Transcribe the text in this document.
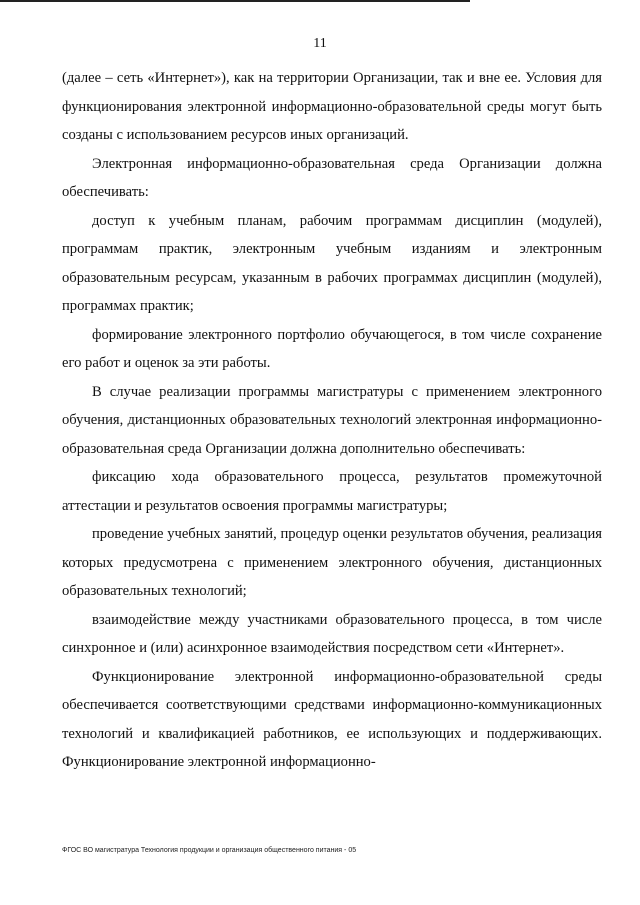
11

(далее – сеть «Интернет»), как на территории Организации, так и вне ее. Условия для функционирования электронной информационно-образовательной среды могут быть созданы с использованием ресурсов иных организаций.

Электронная информационно-образовательная среда Организации должна обеспечивать:

доступ к учебным планам, рабочим программам дисциплин (модулей), программам практик, электронным учебным изданиям и электронным образовательным ресурсам, указанным в рабочих программах дисциплин (модулей), программах практик;

формирование электронного портфолио обучающегося, в том числе сохранение его работ и оценок за эти работы.

В случае реализации программы магистратуры с применением электронного обучения, дистанционных образовательных технологий электронная информационно-образовательная среда Организации должна дополнительно обеспечивать:

фиксацию хода образовательного процесса, результатов промежуточной аттестации и результатов освоения программы магистратуры;

проведение учебных занятий, процедур оценки результатов обучения, реализация которых предусмотрена с применением электронного обучения, дистанционных образовательных технологий;

взаимодействие между участниками образовательного процесса, в том числе синхронное и (или) асинхронное взаимодействия посредством сети «Интернет».

Функционирование электронной информационно-образовательной среды обеспечивается соответствующими средствами информационно-коммуникационных технологий и квалификацией работников, ее использующих и поддерживающих. Функционирование электронной информационно-

ФГОС ВО магистратура Технология продукции и организация общественного питания - 05
